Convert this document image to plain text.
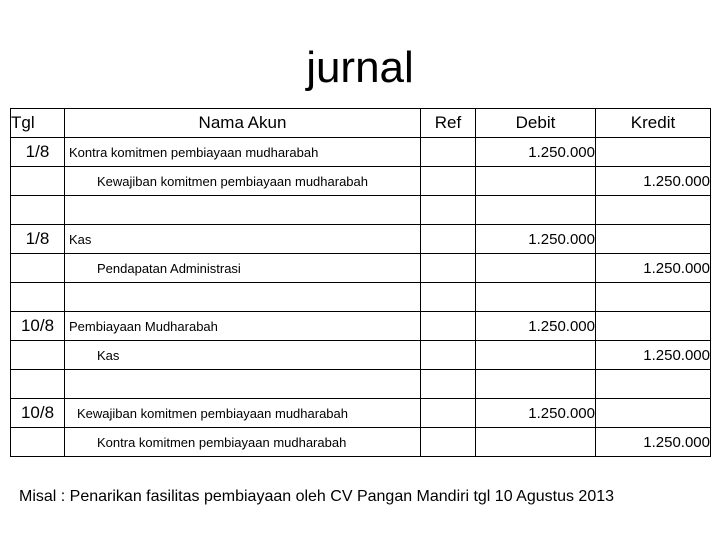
jurnal
Tgl	Nama Akun	Ref	Debit	Kredit
1/8	Kontra komitmen pembiayaan mudharabah		1.250.000	
	Kewajiban komitmen pembiayaan mudharabah			1.250.000

1/8	Kas		1.250.000	
	Pendapatan Administrasi			1.250.000

10/8	Pembiayaan Mudharabah		1.250.000	
	Kas			1.250.000

10/8	Kewajiban komitmen pembiayaan mudharabah		1.250.000	
	Kontra komitmen pembiayaan mudharabah			1.250.000
Misal : Penarikan fasilitas pembiayaan oleh CV Pangan Mandiri tgl 10 Agustus 2013
